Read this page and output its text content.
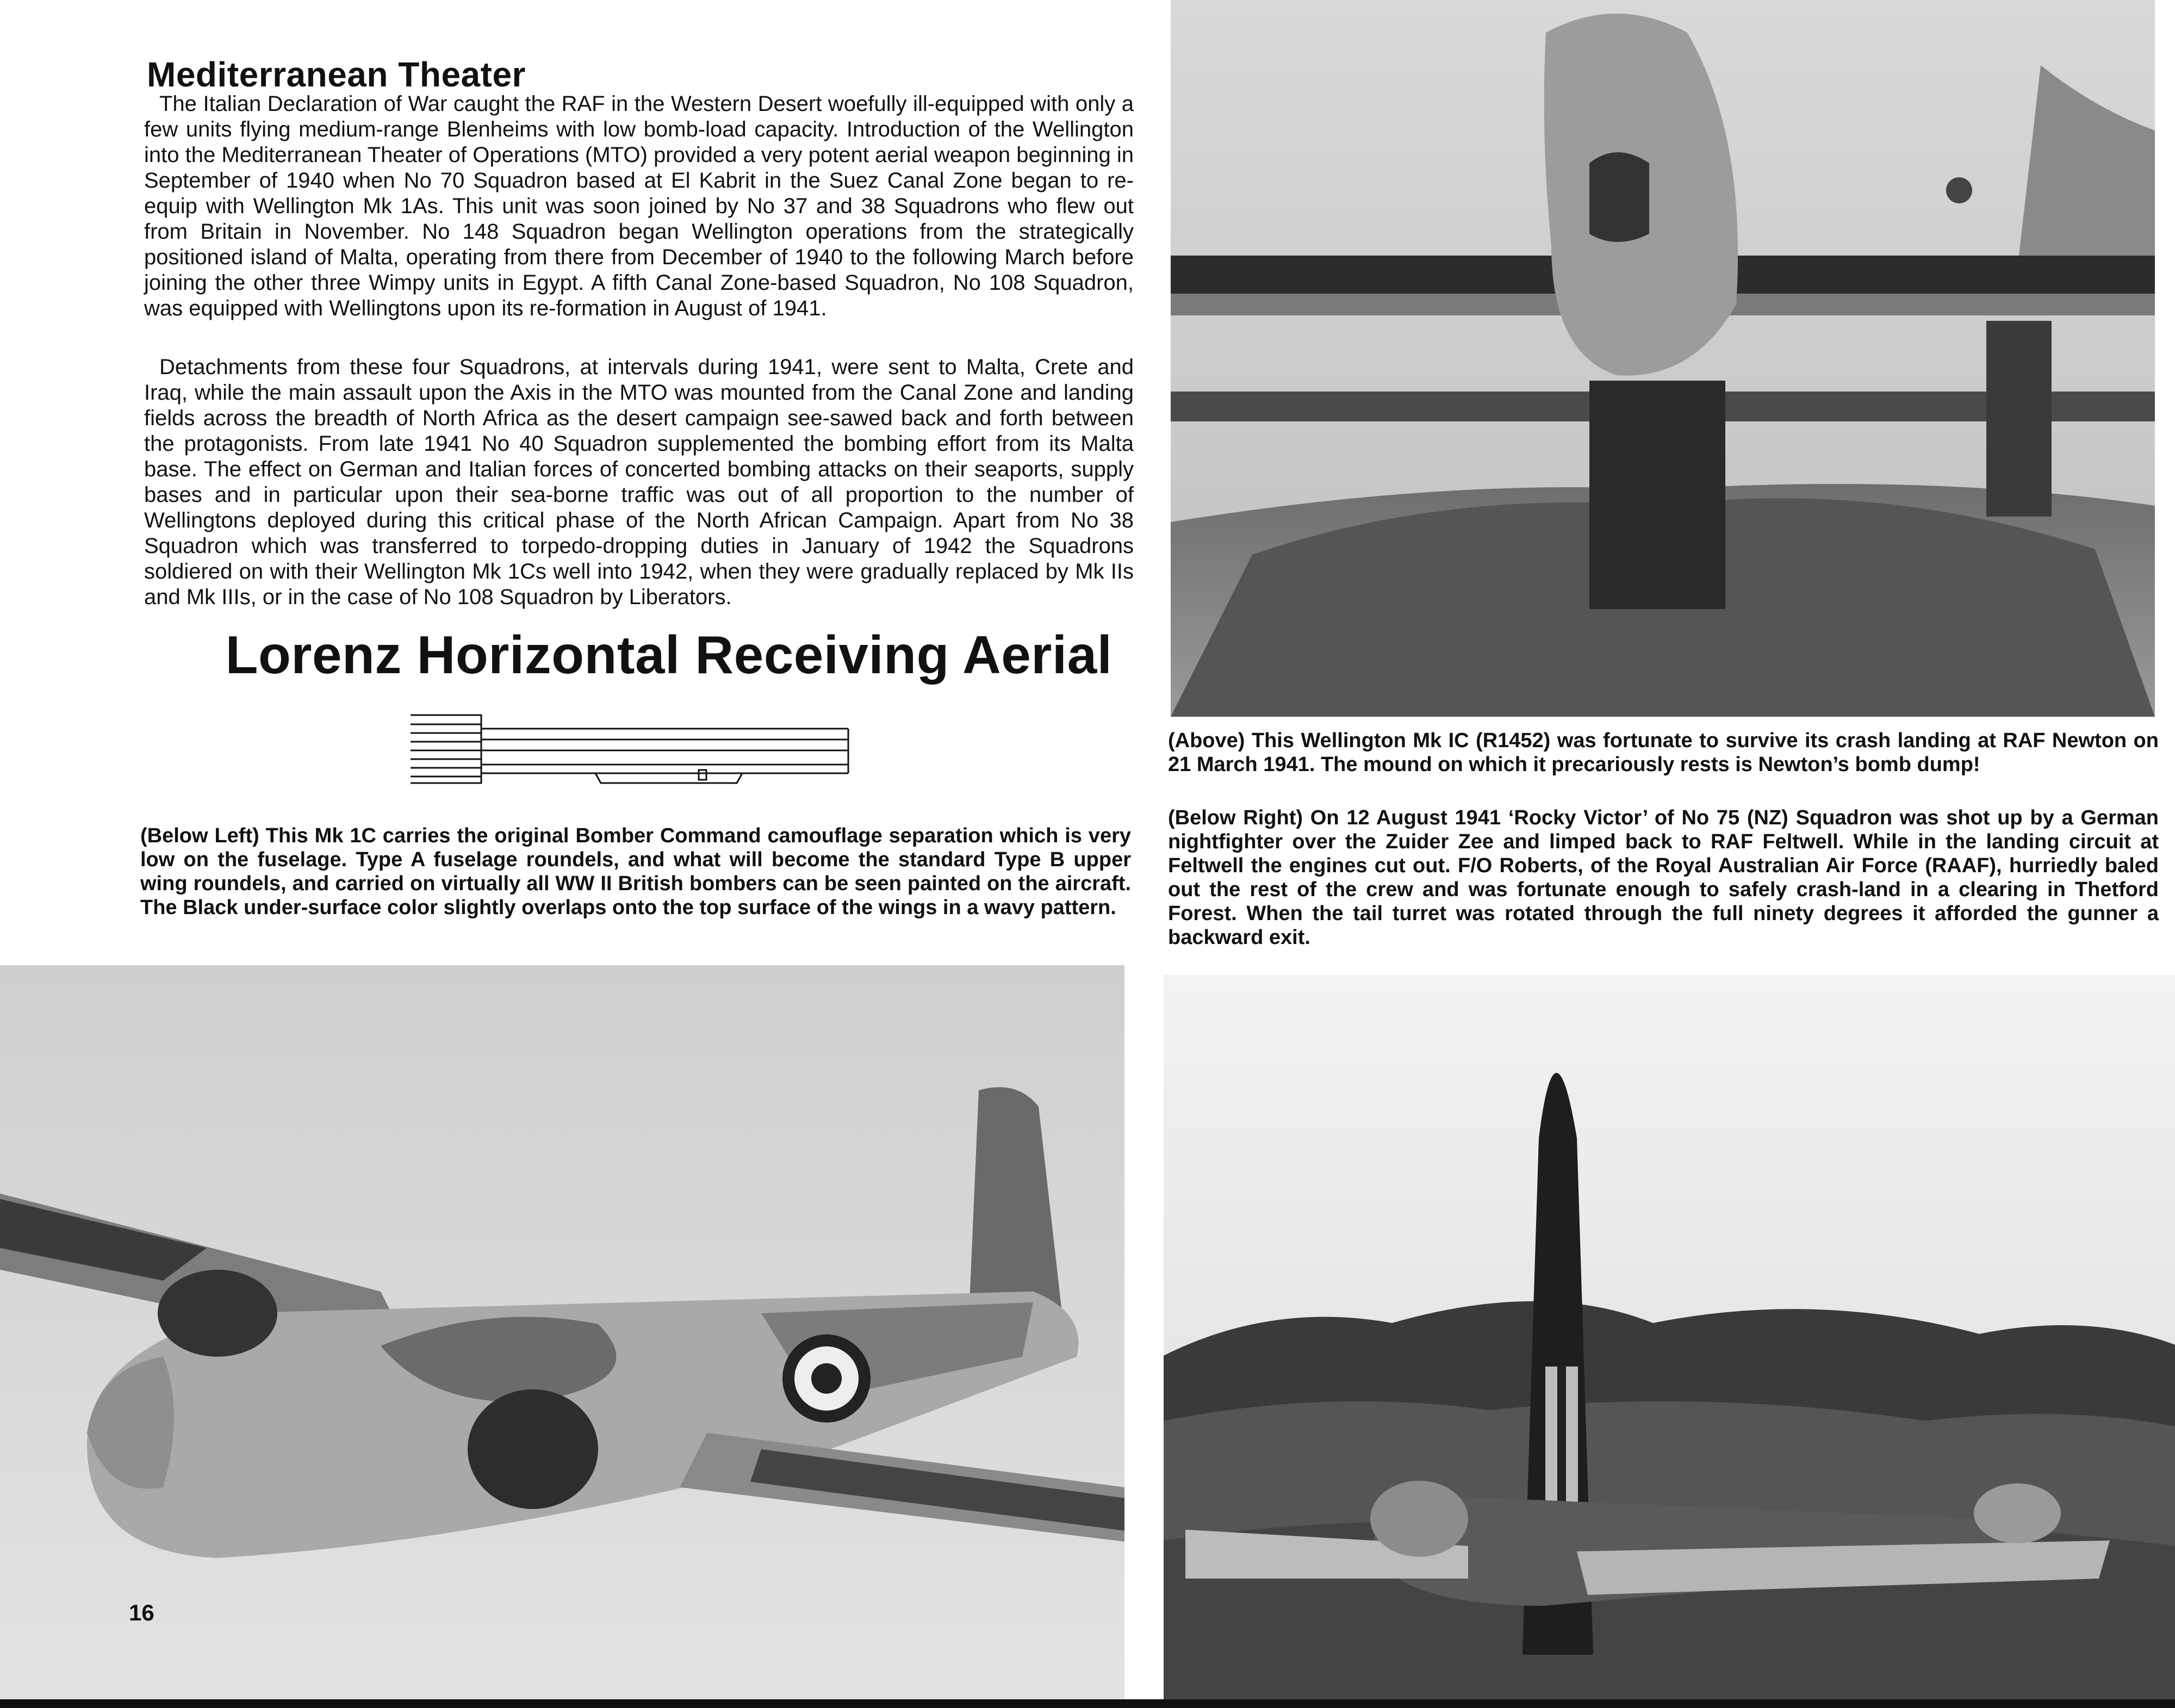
Mediterranean Theater

The Italian Declaration of War caught the RAF in the Western Desert woefully ill-equipped with only a few units flying medium-range Blenheims with low bomb-load capacity. Introduction of the Wellington into the Mediterranean Theater of Operations (MTO) provided a very potent aerial weapon beginning in September of 1940 when No 70 Squadron based at El Kabrit in the Suez Canal Zone began to re-equip with Wellington Mk 1As. This unit was soon joined by No 37 and 38 Squadrons who flew out from Britain in November. No 148 Squadron began Wellington operations from the strategically positioned island of Malta, operating from there from December of 1940 to the following March before joining the other three Wimpy units in Egypt. A fifth Canal Zone-based Squadron, No 108 Squadron, was equipped with Wellingtons upon its re-formation in August of 1941.

Detachments from these four Squadrons, at intervals during 1941, were sent to Malta, Crete and Iraq, while the main assault upon the Axis in the MTO was mounted from the Canal Zone and landing fields across the breadth of North Africa as the desert campaign see-sawed back and forth between the protagonists. From late 1941 No 40 Squadron supplemented the bombing effort from its Malta base. The effect on German and Italian forces of concerted bombing attacks on their seaports, supply bases and in particular upon their sea-borne traffic was out of all proportion to the number of Wellingtons deployed during this critical phase of the North African Campaign. Apart from No 38 Squadron which was transferred to torpedo-dropping duties in January of 1942 the Squadrons soldiered on with their Wellington Mk 1Cs well into 1942, when they were gradually replaced by Mk IIs and Mk IIIs, or in the case of No 108 Squadron by Liberators.

Lorenz Horizontal Receiving Aerial

(Above) This Wellington Mk IC (R1452) was fortunate to survive its crash landing at RAF Newton on 21 March 1941. The mound on which it precariously rests is Newton’s bomb dump!

(Below Right) On 12 August 1941 ‘Rocky Victor’ of No 75 (NZ) Squadron was shot up by a German nightfighter over the Zuider Zee and limped back to RAF Feltwell. While in the landing circuit at Feltwell the engines cut out. F/O Roberts, of the Royal Australian Air Force (RAAF), hurriedly baled out the rest of the crew and was fortunate enough to safely crash-land in a clearing in Thetford Forest. When the tail turret was rotated through the full ninety degrees it afforded the gunner a backward exit.

(Below Left) This Mk 1C carries the original Bomber Command camouflage separation which is very low on the fuselage. Type A fuselage roundels, and what will become the standard Type B upper wing roundels, and carried on virtually all WW II British bombers can be seen painted on the aircraft. The Black under-surface color slightly overlaps onto the top surface of the wings in a wavy pattern.

16
